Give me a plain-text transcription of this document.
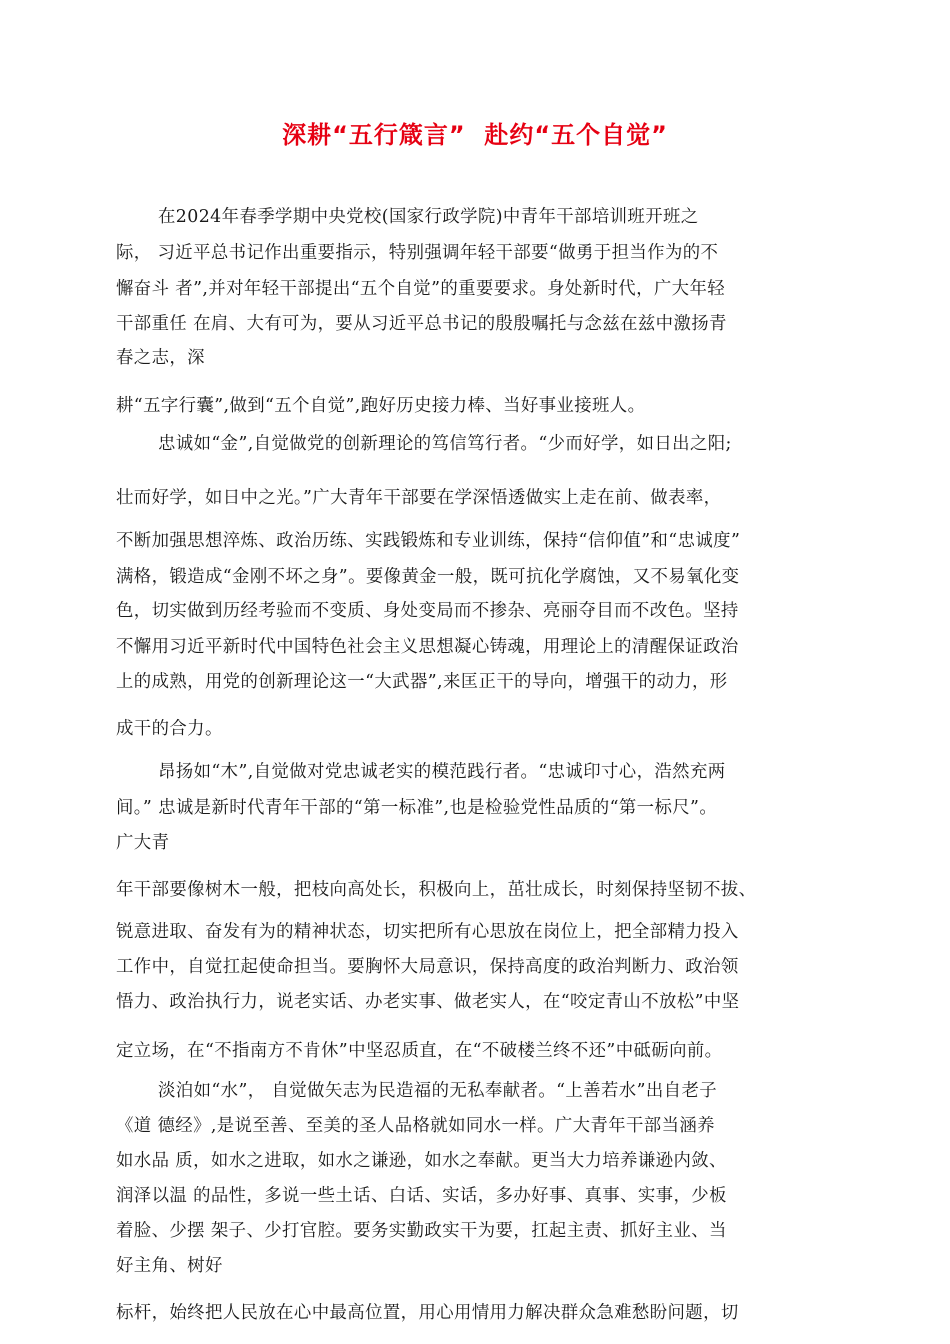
深耕“五行箴言”  赴约“五个自觉”
在2024年春季学期中央党校(国家行政学院)中青年干部培训班开班之
际， 习近平总书记作出重要指示，特别强调年轻干部要“做勇于担当作为的不
懈奋斗 者”,并对年轻干部提出“五个自觉”的重要要求。身处新时代，广大年轻
干部重任 在肩、大有可为，要从习近平总书记的殷殷嘱托与念兹在兹中激扬青
春之志，深
耕“五字行囊”,做到“五个自觉”,跑好历史接力棒、当好事业接班人。
忠诚如“金”,自觉做党的创新理论的笃信笃行者。“少而好学，如日出之阳;
壮而好学，如日中之光。”广大青年干部要在学深悟透做实上走在前、做表率，
不断加强思想淬炼、政治历练、实践锻炼和专业训练，保持“信仰值”和“忠诚度”
满格，锻造成“金刚不坏之身”。要像黄金一般，既可抗化学腐蚀，又不易氧化变
色，切实做到历经考验而不变质、身处变局而不掺杂、亮丽夺目而不改色。坚持
不懈用习近平新时代中国特色社会主义思想凝心铸魂，用理论上的清醒保证政治
上的成熟，用党的创新理论这一“大武器”,来匡正干的导向，增强干的动力，形
成干的合力。
昂扬如“木”,自觉做对党忠诚老实的模范践行者。“忠诚印寸心，浩然充两
间。” 忠诚是新时代青年干部的“第一标准”,也是检验党性品质的“第一标尺”。
广大青
年干部要像树木一般，把枝向高处长，积极向上，茁壮成长，时刻保持坚韧不拔、
锐意进取、奋发有为的精神状态，切实把所有心思放在岗位上，把全部精力投入
工作中，自觉扛起使命担当。要胸怀大局意识，保持高度的政治判断力、政治领
悟力、政治执行力，说老实话、办老实事、做老实人，在“咬定青山不放松”中坚
定立场，在“不指南方不肯休”中坚忍质直，在“不破楼兰终不还”中砥砺向前。
淡泊如“水”， 自觉做矢志为民造福的无私奉献者。“上善若水”出自老子
《道 德经》,是说至善、至美的圣人品格就如同水一样。广大青年干部当涵养
如水品 质，如水之进取，如水之谦逊，如水之奉献。更当大力培养谦逊内敛、
润泽以温 的品性，多说一些土话、白话、实话，多办好事、真事、实事，少板
着脸、少摆 架子、少打官腔。要务实勤政实干为要，扛起主责、抓好主业、当
好主角、树好
标杆，始终把人民放在心中最高位置，用心用情用力解决群众急难愁盼问题，切
